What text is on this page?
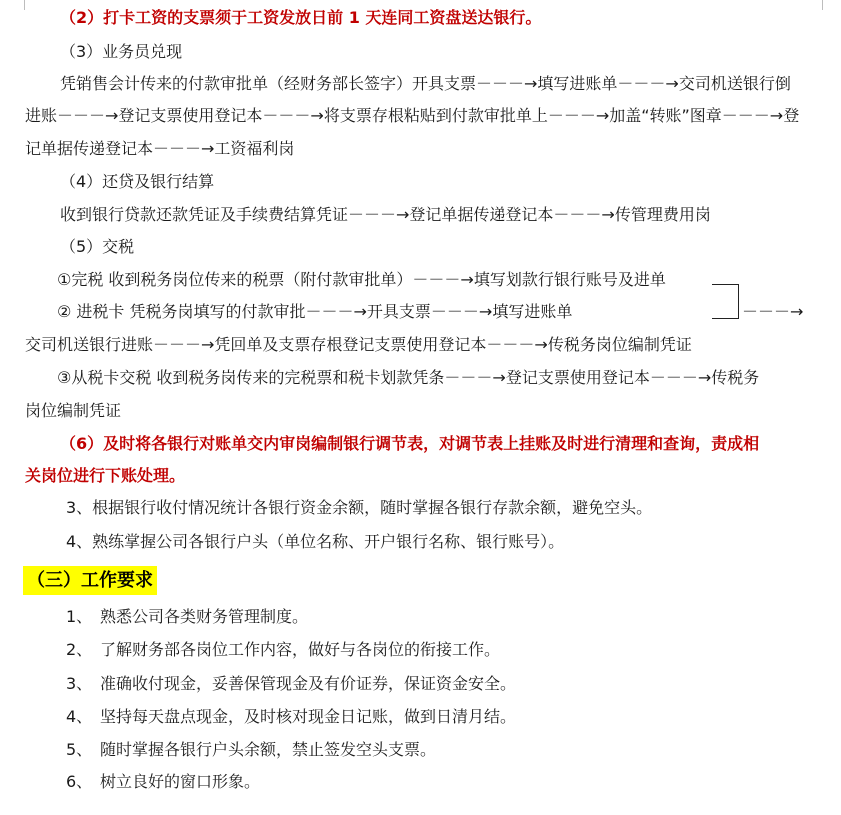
（2）打卡工资的支票须于工资发放日前 1 天连同工资盘送达银行。
（3）业务员兑现
凭销售会计传来的付款审批单（经财务部长签字）开具支票－－－→填写进账单－－－→交司机送银行倒
进账－－－→登记支票使用登记本－－－→将支票存根粘贴到付款审批单上－－－→加盖“转账”图章－－－→登
记单据传递登记本－－－→工资福利岗
（4）还贷及银行结算
收到银行贷款还款凭证及手续费结算凭证－－－→登记单据传递登记本－－－→传管理费用岗
（5）交税
①完税 收到税务岗位传来的税票（附付款审批单）－－－→填写划款行银行账号及进单
② 进税卡 凭税务岗填写的付款审批－－－→开具支票－－－→填写进账单	－－－→
交司机送银行进账－－－→凭回单及支票存根登记支票使用登记本－－－→传税务岗位编制凭证
③从税卡交税 收到税务岗传来的完税票和税卡划款凭条－－－→登记支票使用登记本－－－→传税务
岗位编制凭证
（6）及时将各银行对账单交内审岗编制银行调节表，对调节表上挂账及时进行清理和查询，责成相
关岗位进行下账处理。
3、根据银行收付情况统计各银行资金余额，随时掌握各银行存款余额，避免空头。
4、熟练掌握公司各银行户头（单位名称、开户银行名称、银行账号）。
（三）工作要求
1、 熟悉公司各类财务管理制度。
2、 了解财务部各岗位工作内容，做好与各岗位的衔接工作。
3、 准确收付现金，妥善保管现金及有价证券，保证资金安全。
4、 坚持每天盘点现金，及时核对现金日记账，做到日清月结。
5、 随时掌握各银行户头余额，禁止签发空头支票。
6、 树立良好的窗口形象。
